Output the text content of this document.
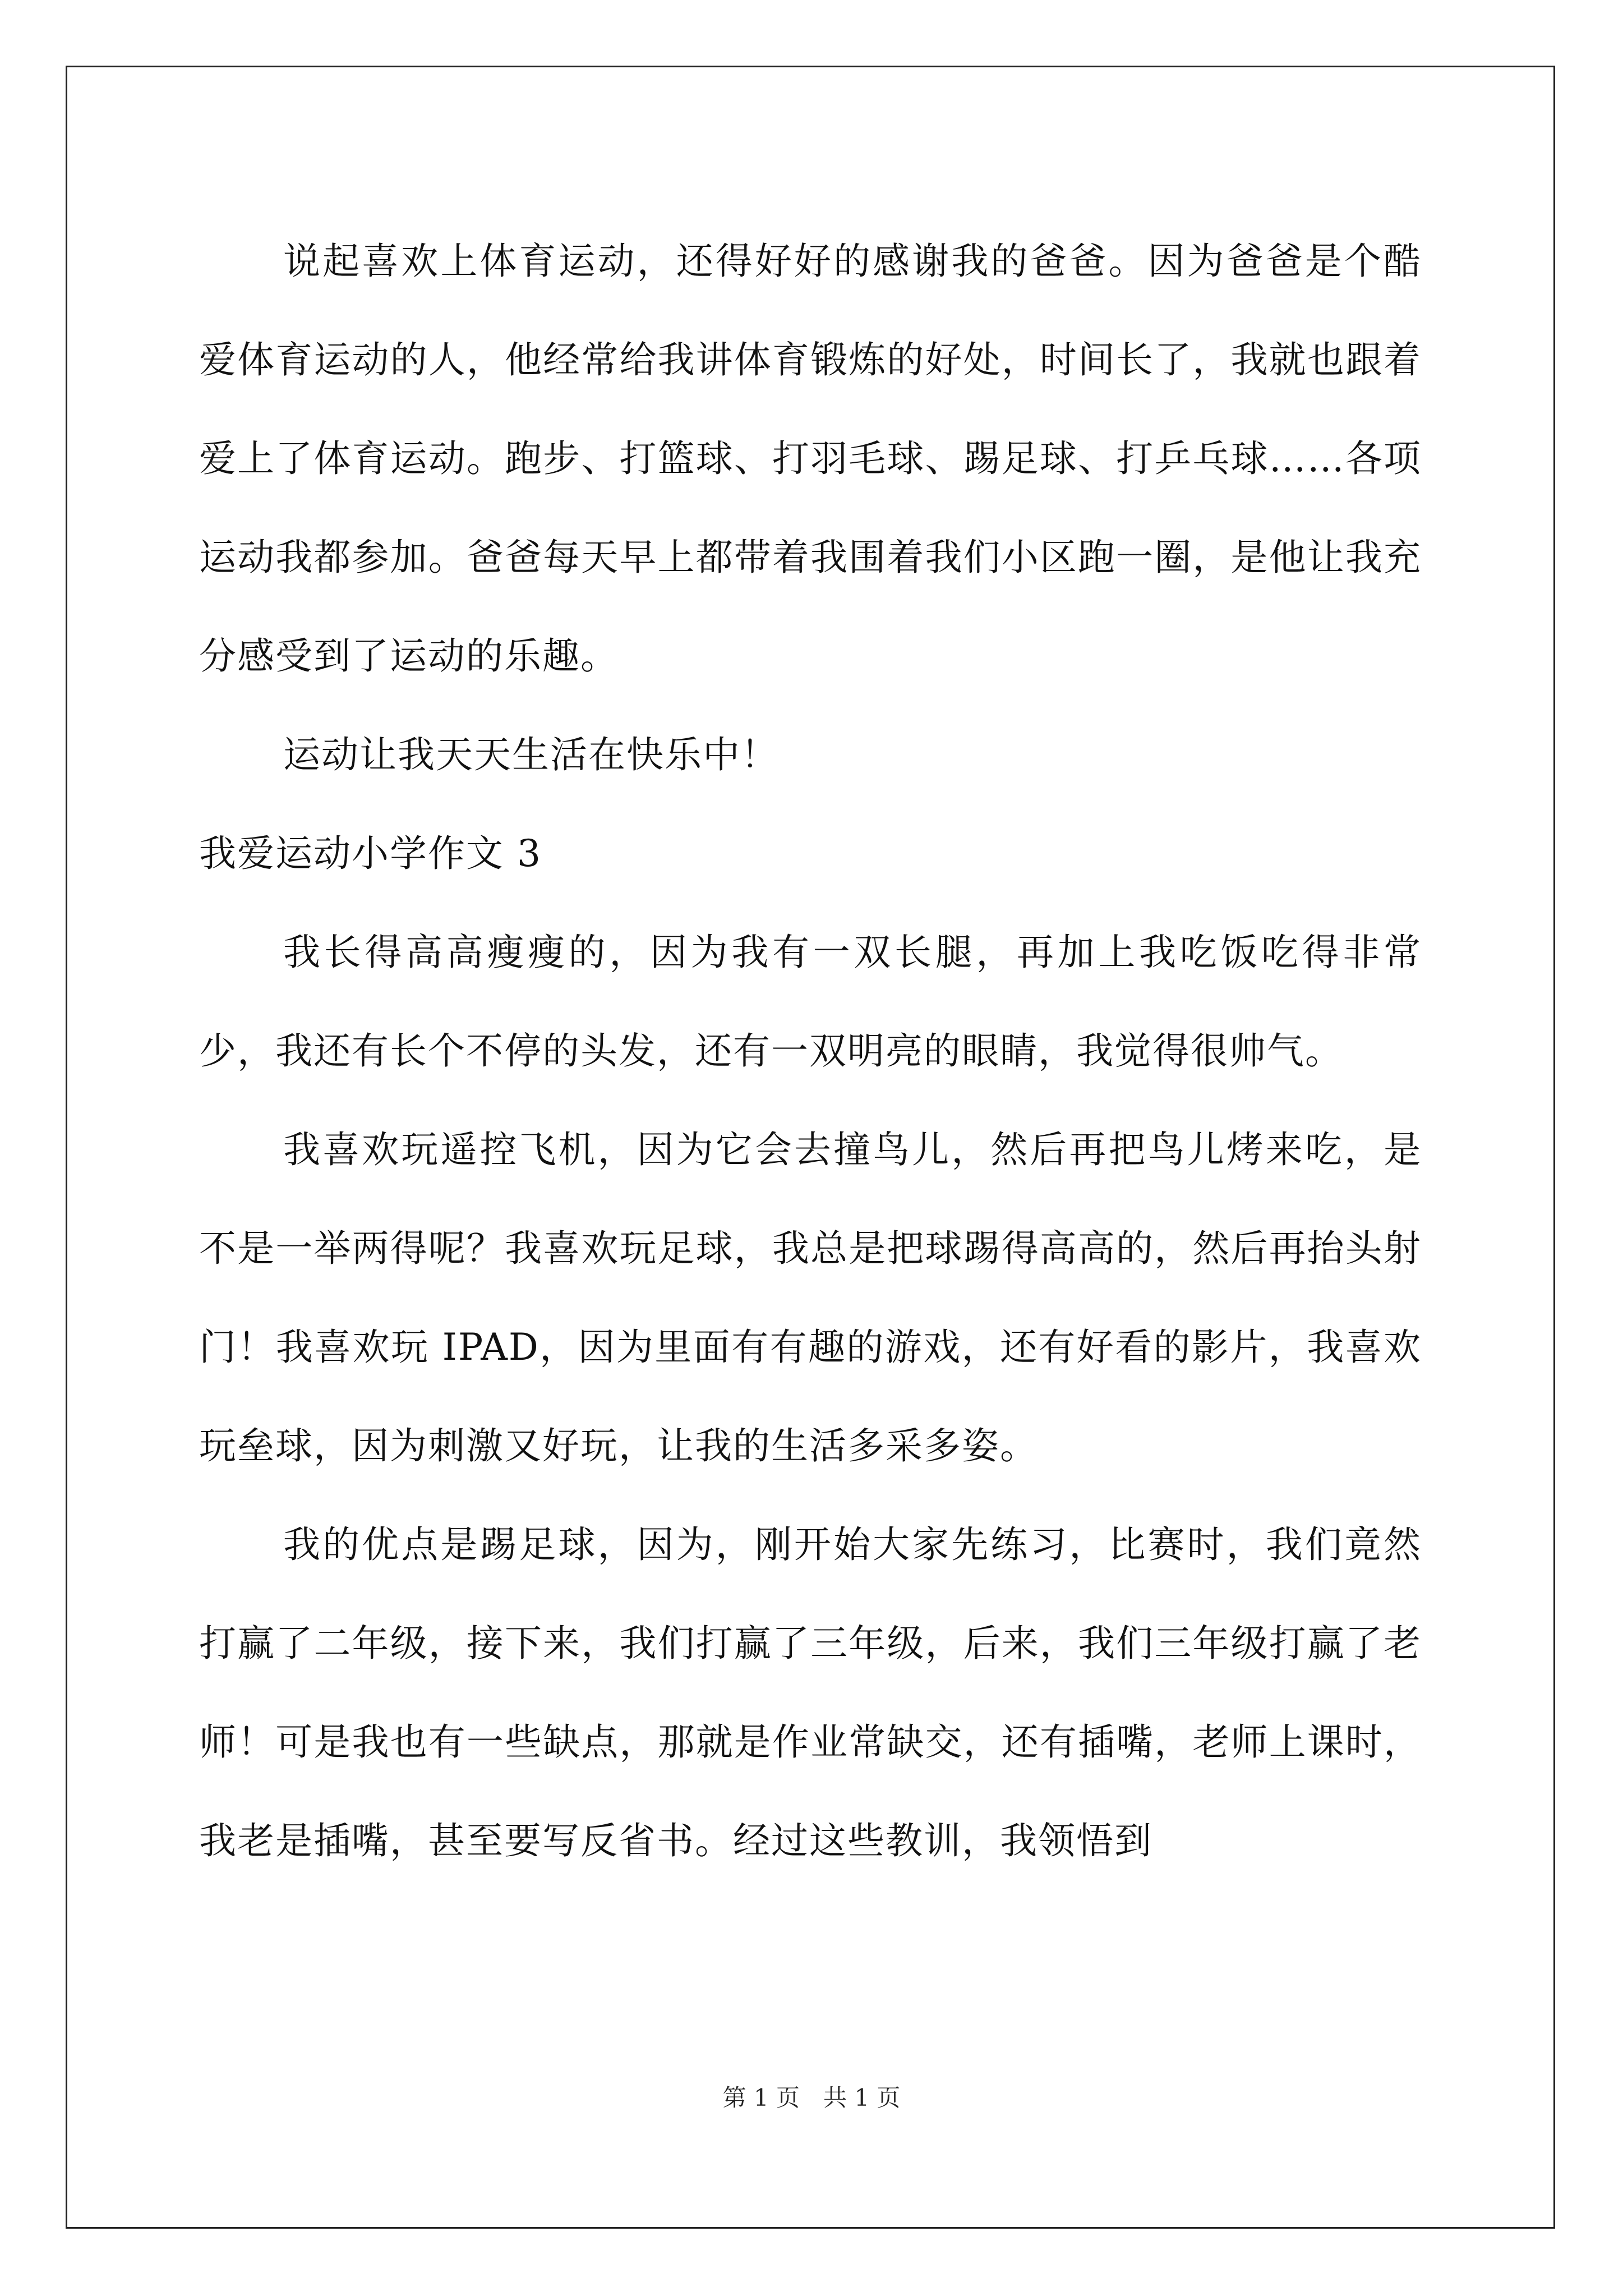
说起喜欢上体育运动，还得好好的感谢我的爸爸。因为爸爸是个酷爱体育运动的人，他经常给我讲体育锻炼的好处，时间长了，我就也跟着爱上了体育运动。跑步、打篮球、打羽毛球、踢足球、打乒乓球……各项运动我都参加。爸爸每天早上都带着我围着我们小区跑一圈，是他让我充分感受到了运动的乐趣。

运动让我天天生活在快乐中！

我爱运动小学作文 3

我长得高高瘦瘦的，因为我有一双长腿，再加上我吃饭吃得非常少，我还有长个不停的头发，还有一双明亮的眼睛，我觉得很帅气。

我喜欢玩遥控飞机，因为它会去撞鸟儿，然后再把鸟儿烤来吃，是不是一举两得呢？我喜欢玩足球，我总是把球踢得高高的，然后再抬头射门！我喜欢玩 IPAD，因为里面有有趣的游戏，还有好看的影片，我喜欢玩垒球，因为刺激又好玩，让我的生活多采多姿。

我的优点是踢足球，因为，刚开始大家先练习，比赛时，我们竟然打赢了二年级，接下来，我们打赢了三年级，后来，我们三年级打赢了老师！可是我也有一些缺点，那就是作业常缺交，还有插嘴，老师上课时，我老是插嘴，甚至要写反省书。经过这些教训，我领悟到

第 1 页　共 1 页
